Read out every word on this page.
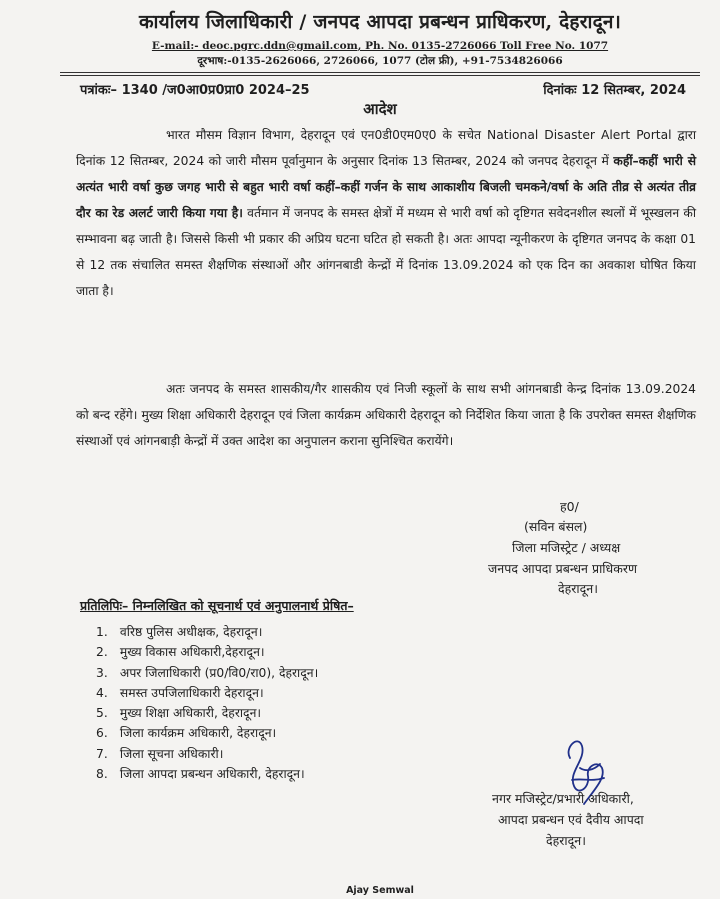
कार्यालय जिलाधिकारी / जनपद आपदा प्रबन्धन प्राधिकरण, देहरादून।
E-mail:- deoc.pgrc.ddn@gmail.com, Ph. No. 0135-2726066 Toll Free No. 1077
दूरभाष:-0135-2626066, 2726066, 1077 (टोल फ्री), +91-7534826066
पत्रांकः– 1340 /ज0आ0प्र0प्रा0 2024–25	दिनांकः 12 सितम्बर, 2024
आदेश

भारत मौसम विज्ञान विभाग, देहरादून एवं एन0डी0एम0ए0 के सचेत National Disaster Alert Portal द्वारा दिनांक 12 सितम्बर, 2024 को जारी मौसम पूर्वानुमान के अनुसार दिनांक 13 सितम्बर, 2024 को जनपद देहरादून में कहीं–कहीं भारी से अत्यंत भारी वर्षा कुछ जगह भारी से बहुत भारी वर्षा कहीं–कहीं गर्जन के साथ आकाशीय बिजली चमकने/वर्षा के अति तीव्र से अत्यंत तीव्र दौर का रेड अलर्ट जारी किया गया है। वर्तमान में जनपद के समस्त क्षेत्रों में मध्यम से भारी वर्षा को दृष्टिगत सवेदनशील स्थलों में भूस्खलन की सम्भावना बढ़ जाती है। जिससे किसी भी प्रकार की अप्रिय घटना घटित हो सकती है। अतः आपदा न्यूनीकरण के दृष्टिगत जनपद के कक्षा 01 से 12 तक संचालित समस्त शैक्षणिक संस्थाओं और आंगनबाडी केन्द्रों में दिनांक 13.09.2024 को एक दिन का अवकाश घोषित किया जाता है।

अतः जनपद के समस्त शासकीय/गैर शासकीय एवं निजी स्कूलों के साथ सभी आंगनबाडी केन्द्र दिनांक 13.09.2024 को बन्द रहेंगे। मुख्य शिक्षा अधिकारी देहरादून एवं जिला कार्यक्रम अधिकारी देहरादून को निर्देशित किया जाता है कि उपरोक्त समस्त शैक्षणिक संस्थाओं एवं आंगनबाड़ी केन्द्रों में उक्त आदेश का अनुपालन कराना सुनिश्चित करायेंगे।

ह0/
(सविन बंसल)
जिला मजिस्ट्रेट / अध्यक्ष
जनपद आपदा प्रबन्धन प्राधिकरण
देहरादून।
प्रतिलिपिः– निम्नलिखित को सूचनार्थ एवं अनुपालनार्थ प्रेषित–
1. वरिष्ठ पुलिस अधीक्षक, देहरादून।
2. मुख्य विकास अधिकारी,देहरादून।
3. अपर जिलाधिकारी (प्र0/वि0/रा0), देहरादून।
4. समस्त उपजिलाधिकारी देहरादून।
5. मुख्य शिक्षा अधिकारी, देहरादून।
6. जिला कार्यक्रम अधिकारी, देहरादून।
7. जिला सूचना अधिकारी।
8. जिला आपदा प्रबन्धन अधिकारी, देहरादून।
नगर मजिस्ट्रेट/प्रभारी अधिकारी,
आपदा प्रबन्धन एवं दैवीय आपदा
देहरादून।
Ajay Semwal
